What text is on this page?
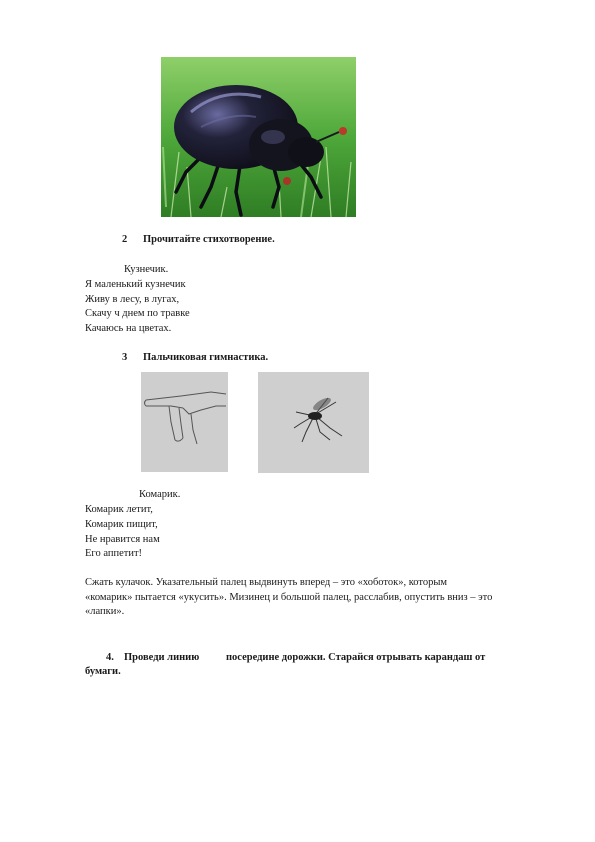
2 Прочитайте стихотворение.
Кузнечик.
Я маленький кузнечик
Живу в лесу, в лугах,
Скачу ч днем по травке
Качаюсь на цветах.
3 Пальчиковая гимнастика.
Комарик.
Комарик летит,
Комарик пищит,
Не нравится нам
Его аппетит!
Сжать кулачок. Указательный палец выдвинуть вперед – это «хоботок», которым
«комарик» пытается «укусить». Мизинец и большой палец, расслабив, опустить вниз – это
«лапки».
4. Проведи линию	посередине дорожки. Старайся отрывать карандаш от
бумаги.
